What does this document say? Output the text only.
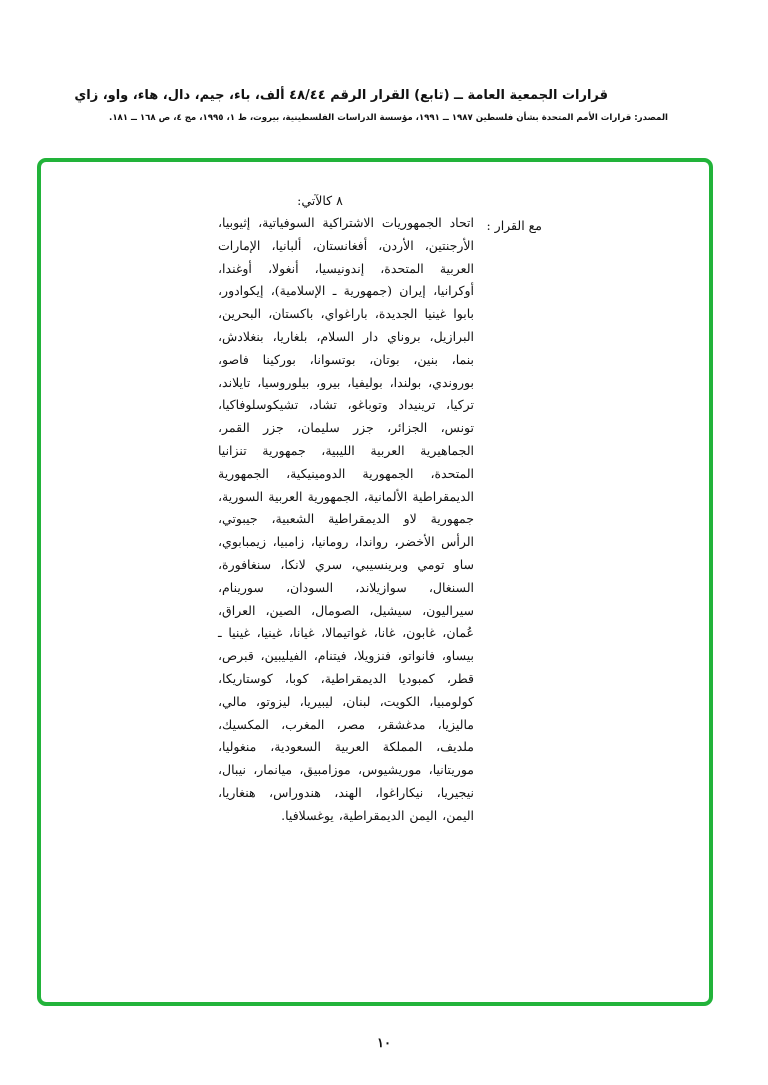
قرارات الجمعية العامة ــ (تابع) القرار الرقم ٤٨/٤٤ ألف، باء، جيم، دال، هاء، واو، زاي
المصدر: قرارات الأمم المتحدة بشأن فلسطين ١٩٨٧ ــ ١٩٩١، مؤسسة الدراسات الفلسطينية، بيروت، ط ١، ١٩٩٥، مج ٤، ص ١٦٨ ــ ١٨١.
٨ كالآتي:
مع القرار :
اتحاد الجمهوريات الاشتراكية السوفياتية، إثيوبيا، الأرجنتين، الأردن، أفغانستان، ألبانيا، الإمارات العربية المتحدة، إندونيسيا، أنغولا، أوغندا، أوكرانيا، إيران (جمهورية ـ الإسلامية)، إيكوادور، بابوا غينيا الجديدة، باراغواي، باكستان، البحرين، البرازيل، بروناي دار السلام، بلغاريا، بنغلادش، بنما، بنين، بوتان، بوتسوانا، بوركينا فاصو، بوروندي، بولندا، بوليفيا، بيرو، بيلوروسيا، تايلاند، تركيا، ترينيداد وتوباغو، تشاد، تشيكوسلوفاكيا، تونس، الجزائر، جزر سليمان، جزر القمر، الجماهيرية العربية الليبية، جمهورية تنزانيا المتحدة، الجمهورية الدومينيكية، الجمهورية الديمقراطية الألمانية، الجمهورية العربية السورية، جمهورية لاو الديمقراطية الشعبية، جيبوتي، الرأس الأخضر، رواندا، رومانيا، زامبيا، زيمبابوي، ساو تومي وبرينسيبي، سري لانكا، سنغافورة، السنغال، سوازيلاند، السودان، سورينام، سيراليون، سيشيل، الصومال، الصين، العراق، عُمان، غابون، غانا، غواتيمالا، غيانا، غينيا، غينيا ـ بيساو، فانواتو، فنزويلا، فيتنام، الفيليبين، قبرص، قطر، كمبوديا الديمقراطية، كوبا، كوستاريكا، كولومبيا، الكويت، لبنان، ليبيريا، ليزوتو، مالي، ماليزيا، مدغشقر، مصر، المغرب، المكسيك، ملديف، المملكة العربية السعودية، منغوليا، موريتانيا، موريشيوس، موزامبيق، ميانمار، نيبال، نيجيريا، نيكاراغوا، الهند، هندوراس، هنغاريا، اليمن، اليمن الديمقراطية، يوغسلافيا.
١٠
